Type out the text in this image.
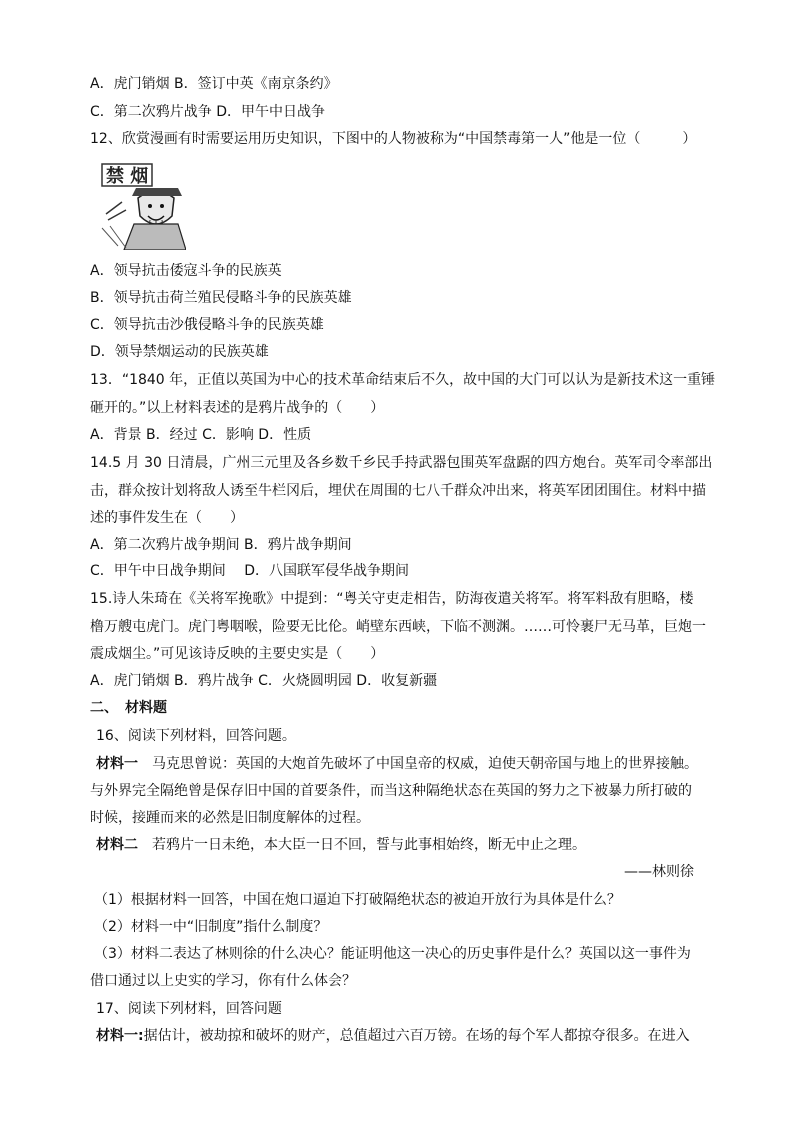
A．虎门销烟 B．签订中英《南京条约》
C．第二次鸦片战争 D．甲午中日战争
12、欣赏漫画有时需要运用历史知识，下图中的人物被称为“中国禁毒第一人”他是一位（　　　）
禁 烟
A．领导抗击倭寇斗争的民族英
B．领导抗击荷兰殖民侵略斗争的民族英雄
C．领导抗击沙俄侵略斗争的民族英雄
D．领导禁烟运动的民族英雄
13．“1840 年，正值以英国为中心的技术革命结束后不久，故中国的大门可以认为是新技术这一重锤
砸开的。”以上材料表述的是鸦片战争的（　　）
A．背景 B．经过 C．影响 D．性质
14.5 月 30 日清晨，广州三元里及各乡数千乡民手持武器包围英军盘踞的四方炮台。英军司令率部出
击，群众按计划将敌人诱至牛栏冈后，埋伏在周围的七八千群众冲出来，将英军团团围住。材料中描
述的事件发生在（　　）
A．第二次鸦片战争期间 B．鸦片战争期间
C．甲午中日战争期间　 D．八国联军侵华战争期间
15.诗人朱琦在《关将军挽歌》中提到：“粤关守吏走相告，防海夜遣关将军。将军料敌有胆略，楼
橹万艘屯虎门。虎门粤咽喉，险要无比伦。峭壁东西峡，下临不测渊。……可怜裹尸无马革，巨炮一
震成烟尘。”可见该诗反映的主要史实是（　　）
A．虎门销烟 B．鸦片战争 C．火烧圆明园 D．收复新疆
二、　材料题
16、阅读下列材料，回答问题。
材料一　马克思曾说：英国的大炮首先破坏了中国皇帝的权威，迫使天朝帝国与地上的世界接触。
与外界完全隔绝曾是保存旧中国的首要条件，而当这种隔绝状态在英国的努力之下被暴力所打破的
时候，接踵而来的必然是旧制度解体的过程。
材料二　若鸦片一日未绝，本大臣一日不回，誓与此事相始终，断无中止之理。
——林则徐
（1）根据材料一回答，中国在炮口逼迫下打破隔绝状态的被迫开放行为具体是什么？
（2）材料一中“旧制度”指什么制度？
（3）材料二表达了林则徐的什么决心？能证明他这一决心的历史事件是什么？英国以这一事件为
借口通过以上史实的学习，你有什么体会？
17、阅读下列材料，回答问题
材料一:据估计，被劫掠和破坏的财产，总值超过六百万镑。在场的每个军人都掠夺很多。在进入
